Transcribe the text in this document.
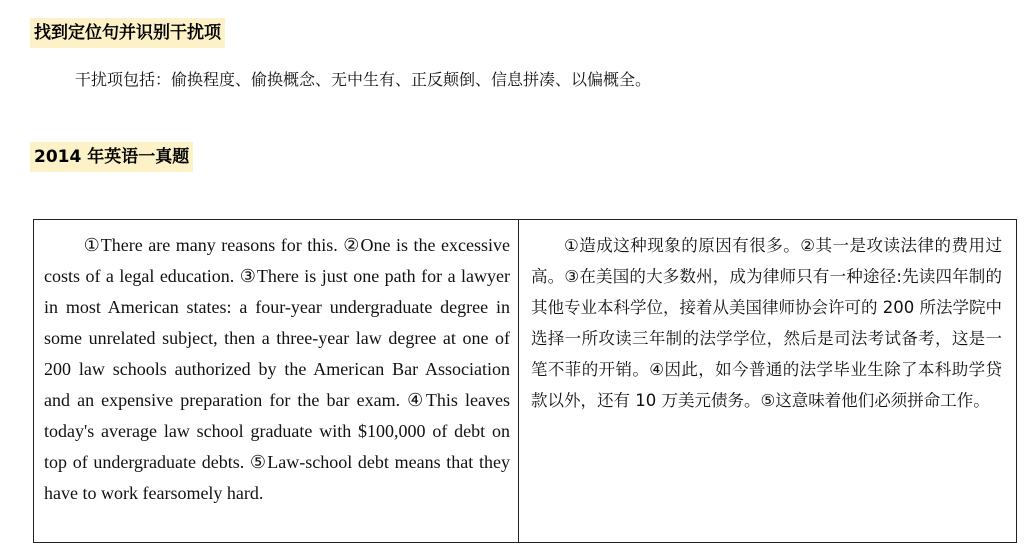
找到定位句并识别干扰项
干扰项包括：偷换程度、偷换概念、无中生有、正反颠倒、信息拼凑、以偏概全。
2014 年英语一真题
①There are many reasons for this. ②One is the excessive costs of a legal education. ③There is just one path for a lawyer in most American states: a four-year undergraduate degree in some unrelated subject, then a three-year law degree at one of 200 law schools authorized by the American Bar Association and an expensive preparation for the bar exam. ④This leaves today's average law school graduate with $100,000 of debt on top of undergraduate debts. ⑤Law-school debt means that they have to work fearsomely hard.
①造成这种现象的原因有很多。②其一是攻读法律的费用过高。③在美国的大多数州，成为律师只有一种途径:先读四年制的其他专业本科学位，接着从美国律师协会许可的 200 所法学院中选择一所攻读三年制的法学学位，然后是司法考试备考，这是一笔不菲的开销。④因此，如今普通的法学毕业生除了本科助学贷款以外，还有 10 万美元债务。⑤这意味着他们必须拼命工作。
